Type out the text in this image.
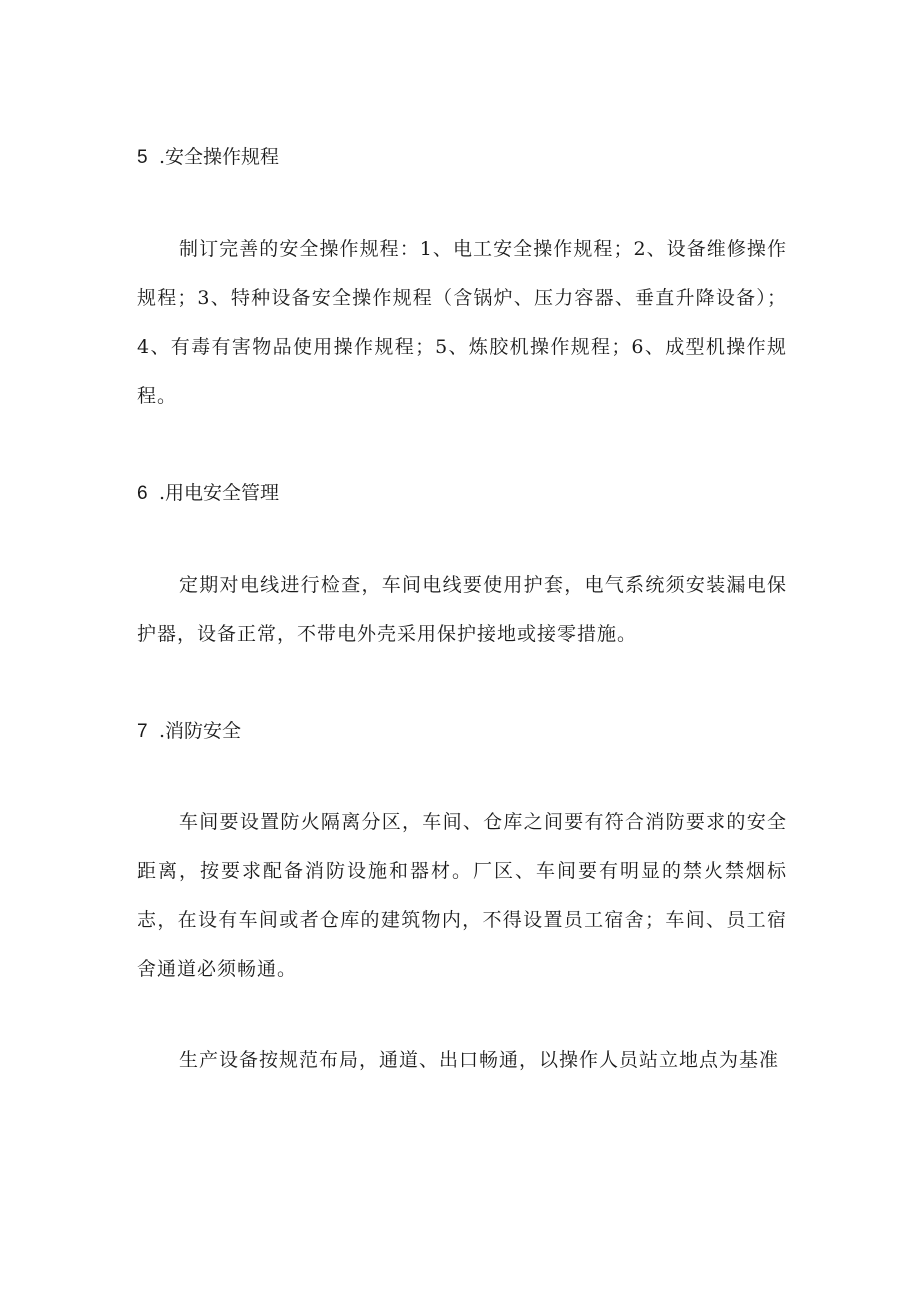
5 .安全操作规程

制订完善的安全操作规程：1、电工安全操作规程；2、设备维修操作规程；3、特种设备安全操作规程（含锅炉、压力容器、垂直升降设备）；4、有毒有害物品使用操作规程；5、炼胶机操作规程；6、成型机操作规程。

6 .用电安全管理

定期对电线进行检查，车间电线要使用护套，电气系统须安装漏电保护器，设备正常，不带电外壳采用保护接地或接零措施。

7 .消防安全

车间要设置防火隔离分区，车间、仓库之间要有符合消防要求的安全距离，按要求配备消防设施和器材。厂区、车间要有明显的禁火禁烟标志，在设有车间或者仓库的建筑物内，不得设置员工宿舍；车间、员工宿舍通道必须畅通。

生产设备按规范布局，通道、出口畅通，以操作人员站立地点为基准
